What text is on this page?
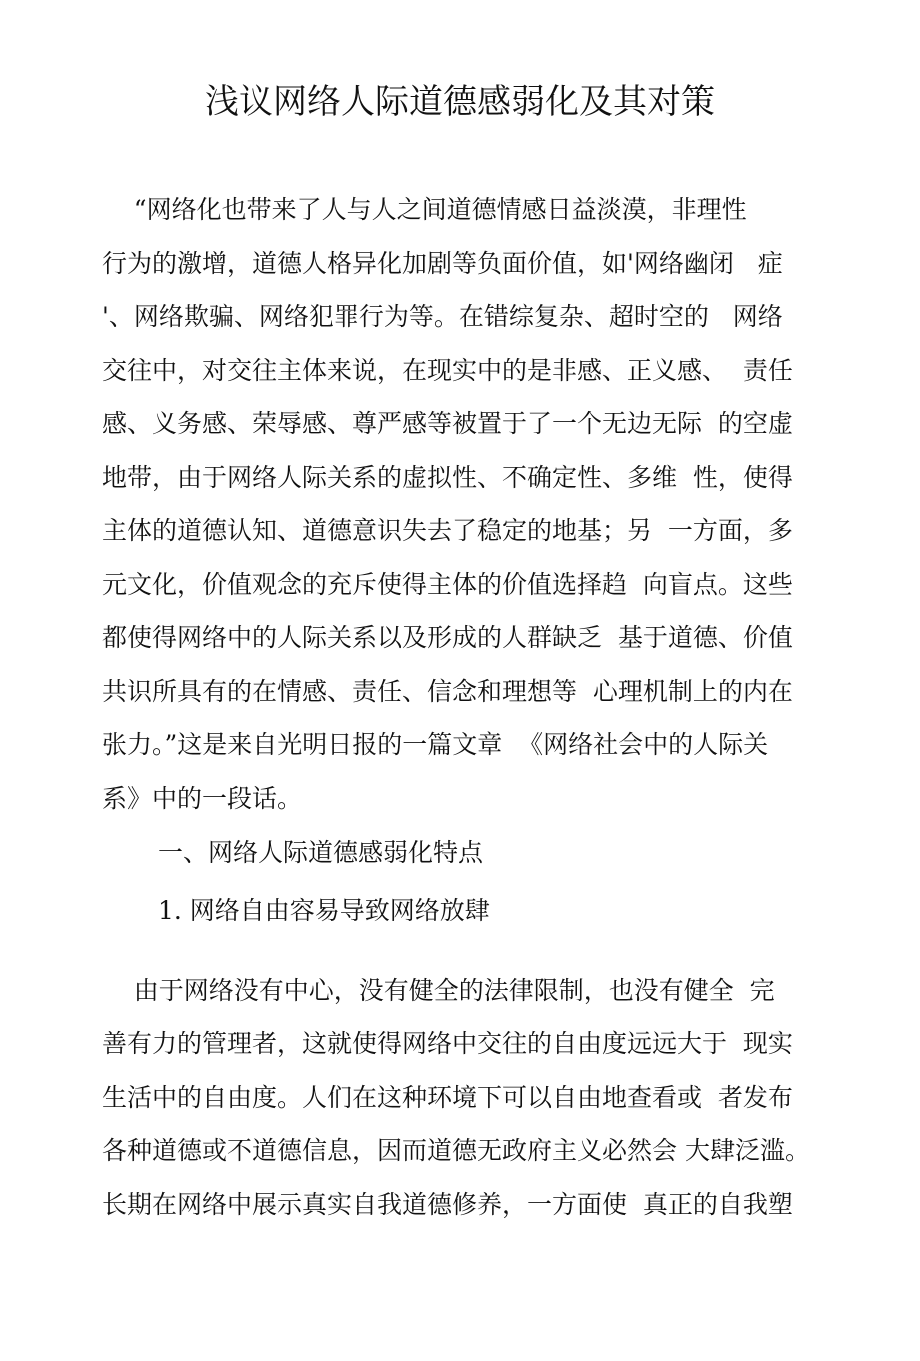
浅议网络人际道德感弱化及其对策
“网络化也带来了人与人之间道德情感日益淡漠，非理性
行为的激增，道德人格异化加剧等负面价值，如'网络幽闭   症
'、网络欺骗、网络犯罪行为等。在错综复杂、超时空的   网络
交往中，对交往主体来说，在现实中的是非感、正义感、  责任
感、义务感、荣辱感、尊严感等被置于了一个无边无际  的空虚
地带，由于网络人际关系的虚拟性、不确定性、多维  性，使得
主体的道德认知、道德意识失去了稳定的地基；另  一方面，多
元文化，价值观念的充斥使得主体的价值选择趋  向盲点。这些
都使得网络中的人际关系以及形成的人群缺乏  基于道德、价值
共识所具有的在情感、责任、信念和理想等  心理机制上的内在
张力。”这是来自光明日报的一篇文章  《网络社会中的人际关
系》中的一段话。
一、网络人际道德感弱化特点
1. 网络自由容易导致网络放肆
由于网络没有中心，没有健全的法律限制，也没有健全  完
善有力的管理者，这就使得网络中交往的自由度远远大于  现实
生活中的自由度。人们在这种环境下可以自由地查看或  者发布
各种道德或不道德信息，因而道德无政府主义必然会 大肆泛滥。
长期在网络中展示真实自我道德修养，一方面使  真正的自我塑
